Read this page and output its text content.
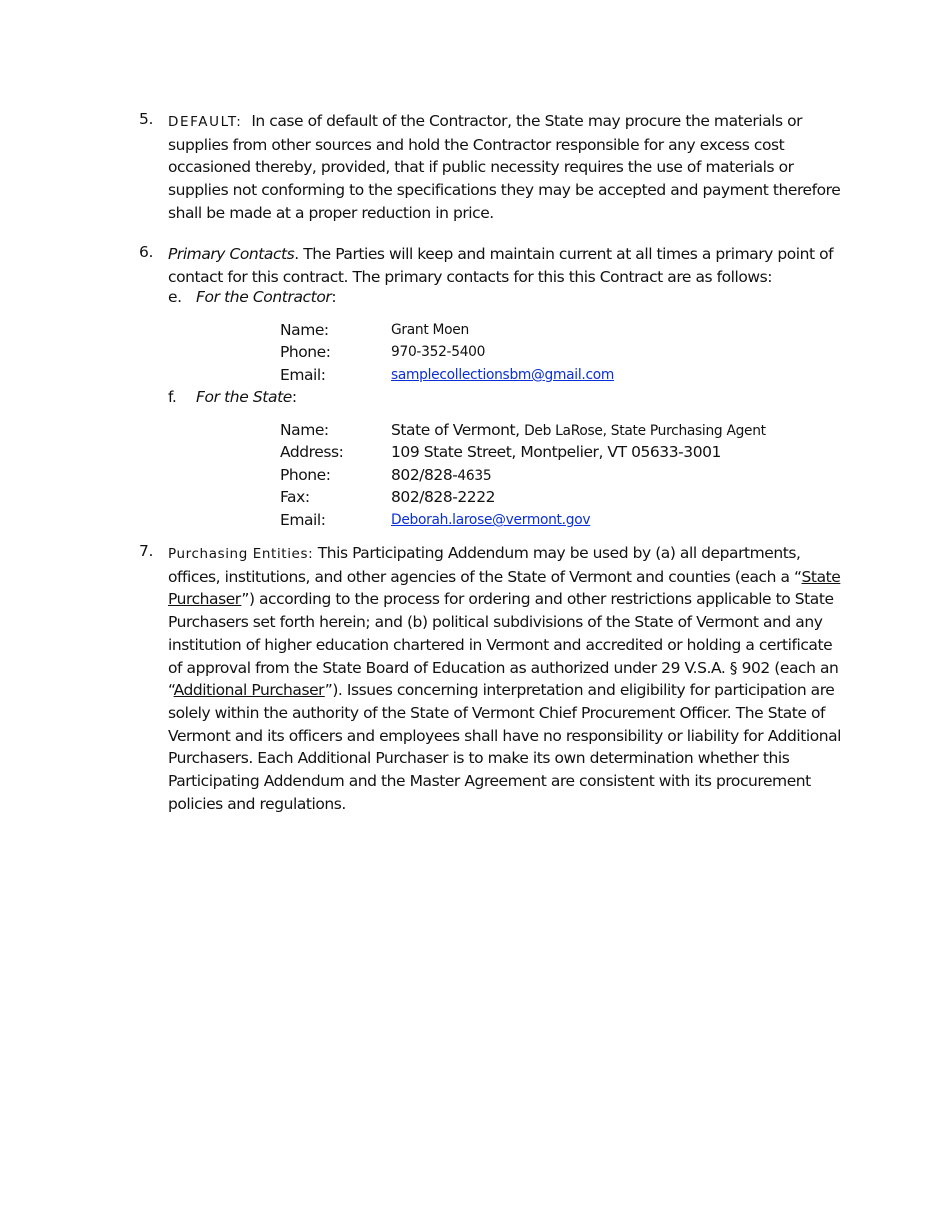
5. DEFAULT: In case of default of the Contractor, the State may procure the materials or supplies from other sources and hold the Contractor responsible for any excess cost occasioned thereby, provided, that if public necessity requires the use of materials or supplies not conforming to the specifications they may be accepted and payment therefore shall be made at a proper reduction in price.

6. Primary Contacts. The Parties will keep and maintain current at all times a primary point of contact for this contract. The primary contacts for this this Contract are as follows:

e. For the Contractor:
Name:	Grant Moen
Phone:	970-352-5400
Email:	samplecollectionsbm@gmail.com
f. For the State:
Name:	State of Vermont, Deb LaRose, State Purchasing Agent
Address:	109 State Street, Montpelier, VT 05633-3001
Phone:	802/828-4635
Fax:	802/828-2222
Email:	Deborah.larose@vermont.gov
7. Purchasing Entities: This Participating Addendum may be used by (a) all departments, offices, institutions, and other agencies of the State of Vermont and counties (each a “State Purchaser”) according to the process for ordering and other restrictions applicable to State Purchasers set forth herein; and (b) political subdivisions of the State of Vermont and any institution of higher education chartered in Vermont and accredited or holding a certificate of approval from the State Board of Education as authorized under 29 V.S.A. § 902 (each an “Additional Purchaser”). Issues concerning interpretation and eligibility for participation are solely within the authority of the State of Vermont Chief Procurement Officer. The State of Vermont and its officers and employees shall have no responsibility or liability for Additional Purchasers. Each Additional Purchaser is to make its own determination whether this Participating Addendum and the Master Agreement are consistent with its procurement policies and regulations.
